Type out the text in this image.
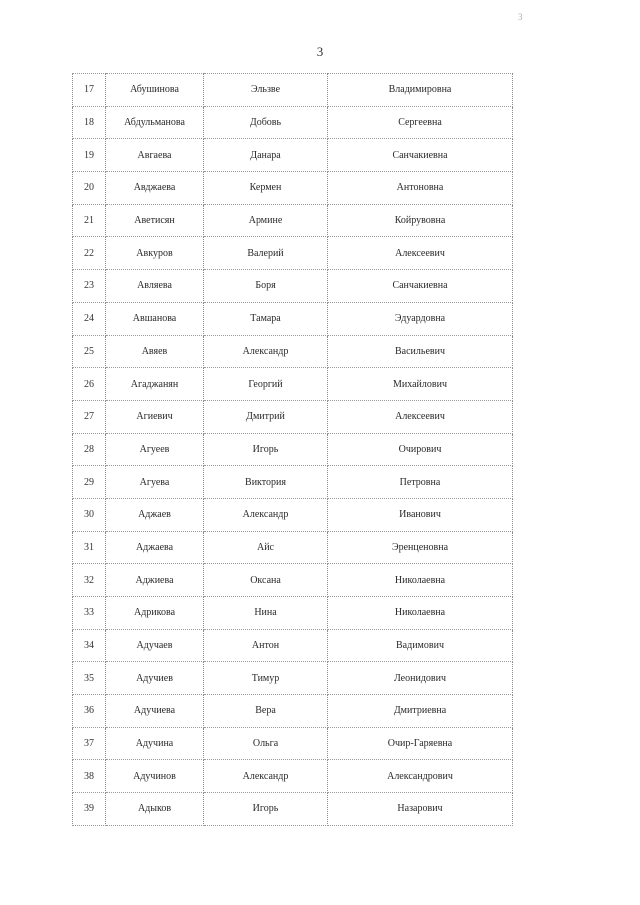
3
3
17	Абушинова	Эльзве	Владимировна
18	Абдульманова	Добовь	Сергеевна
19	Авгаева	Данара	Санчакиевна
20	Авджаева	Кермен	Антоновна
21	Аветисян	Армине	Койрувовна
22	Авкуров	Валерий	Алексеевич
23	Авляева	Боря	Санчакиевна
24	Авшанова	Тамара	Эдуардовна
25	Авяев	Александр	Васильевич
26	Агаджанян	Георгий	Михайлович
27	Агиевич	Дмитрий	Алексеевич
28	Агуеев	Игорь	Очирович
29	Агуева	Виктория	Петровна
30	Аджаев	Александр	Иванович
31	Аджаева	Айс	Эренценовна
32	Аджиева	Оксана	Николаевна
33	Адрикова	Нина	Николаевна
34	Адучаев	Антон	Вадимович
35	Адучиев	Тимур	Леонидович
36	Адучиева	Вера	Дмитриевна
37	Адучина	Ольга	Очир-Гаряевна
38	Адучинов	Александр	Александрович
39	Адыков	Игорь	Назарович
